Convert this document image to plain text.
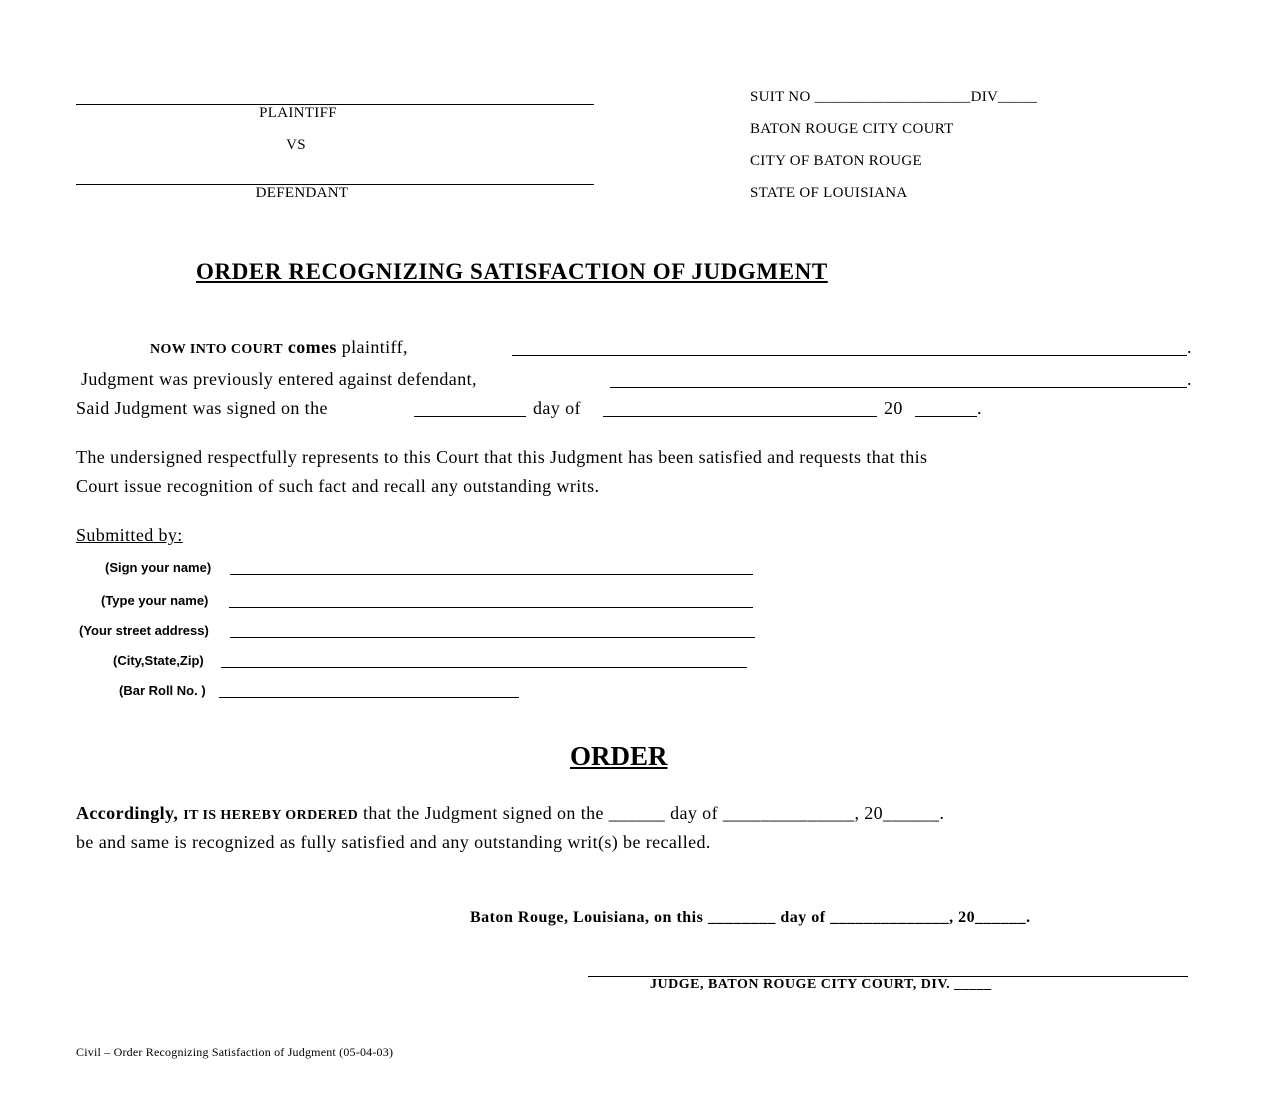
PLAINTIFF
VS
DEFENDANT
SUIT NO ____________________DIV_____
BATON ROUGE CITY COURT
CITY OF BATON ROUGE
STATE OF LOUISIANA
ORDER RECOGNIZING SATISFACTION OF JUDGMENT
NOW INTO COURT comes plaintiff,	.
Judgment was previously entered against defendant,	.
Said Judgment was signed on the	day of	20	.
The undersigned respectfully represents to this Court that this Judgment has been satisfied and requests that this
Court issue recognition of such fact and recall any outstanding writs.
Submitted by:
(Sign your name)
(Type your name)
(Your street address)
(City,State,Zip)
(Bar Roll No. )
ORDER
Accordingly, IT IS HEREBY ORDERED that the Judgment signed on the ______ day of ______________, 20______.
be and same is recognized as fully satisfied and any outstanding writ(s) be recalled.
Baton Rouge, Louisiana, on this ________ day of ______________, 20______.
JUDGE, BATON ROUGE CITY COURT, DIV. _____
Civil – Order Recognizing Satisfaction of Judgment (05-04-03)
